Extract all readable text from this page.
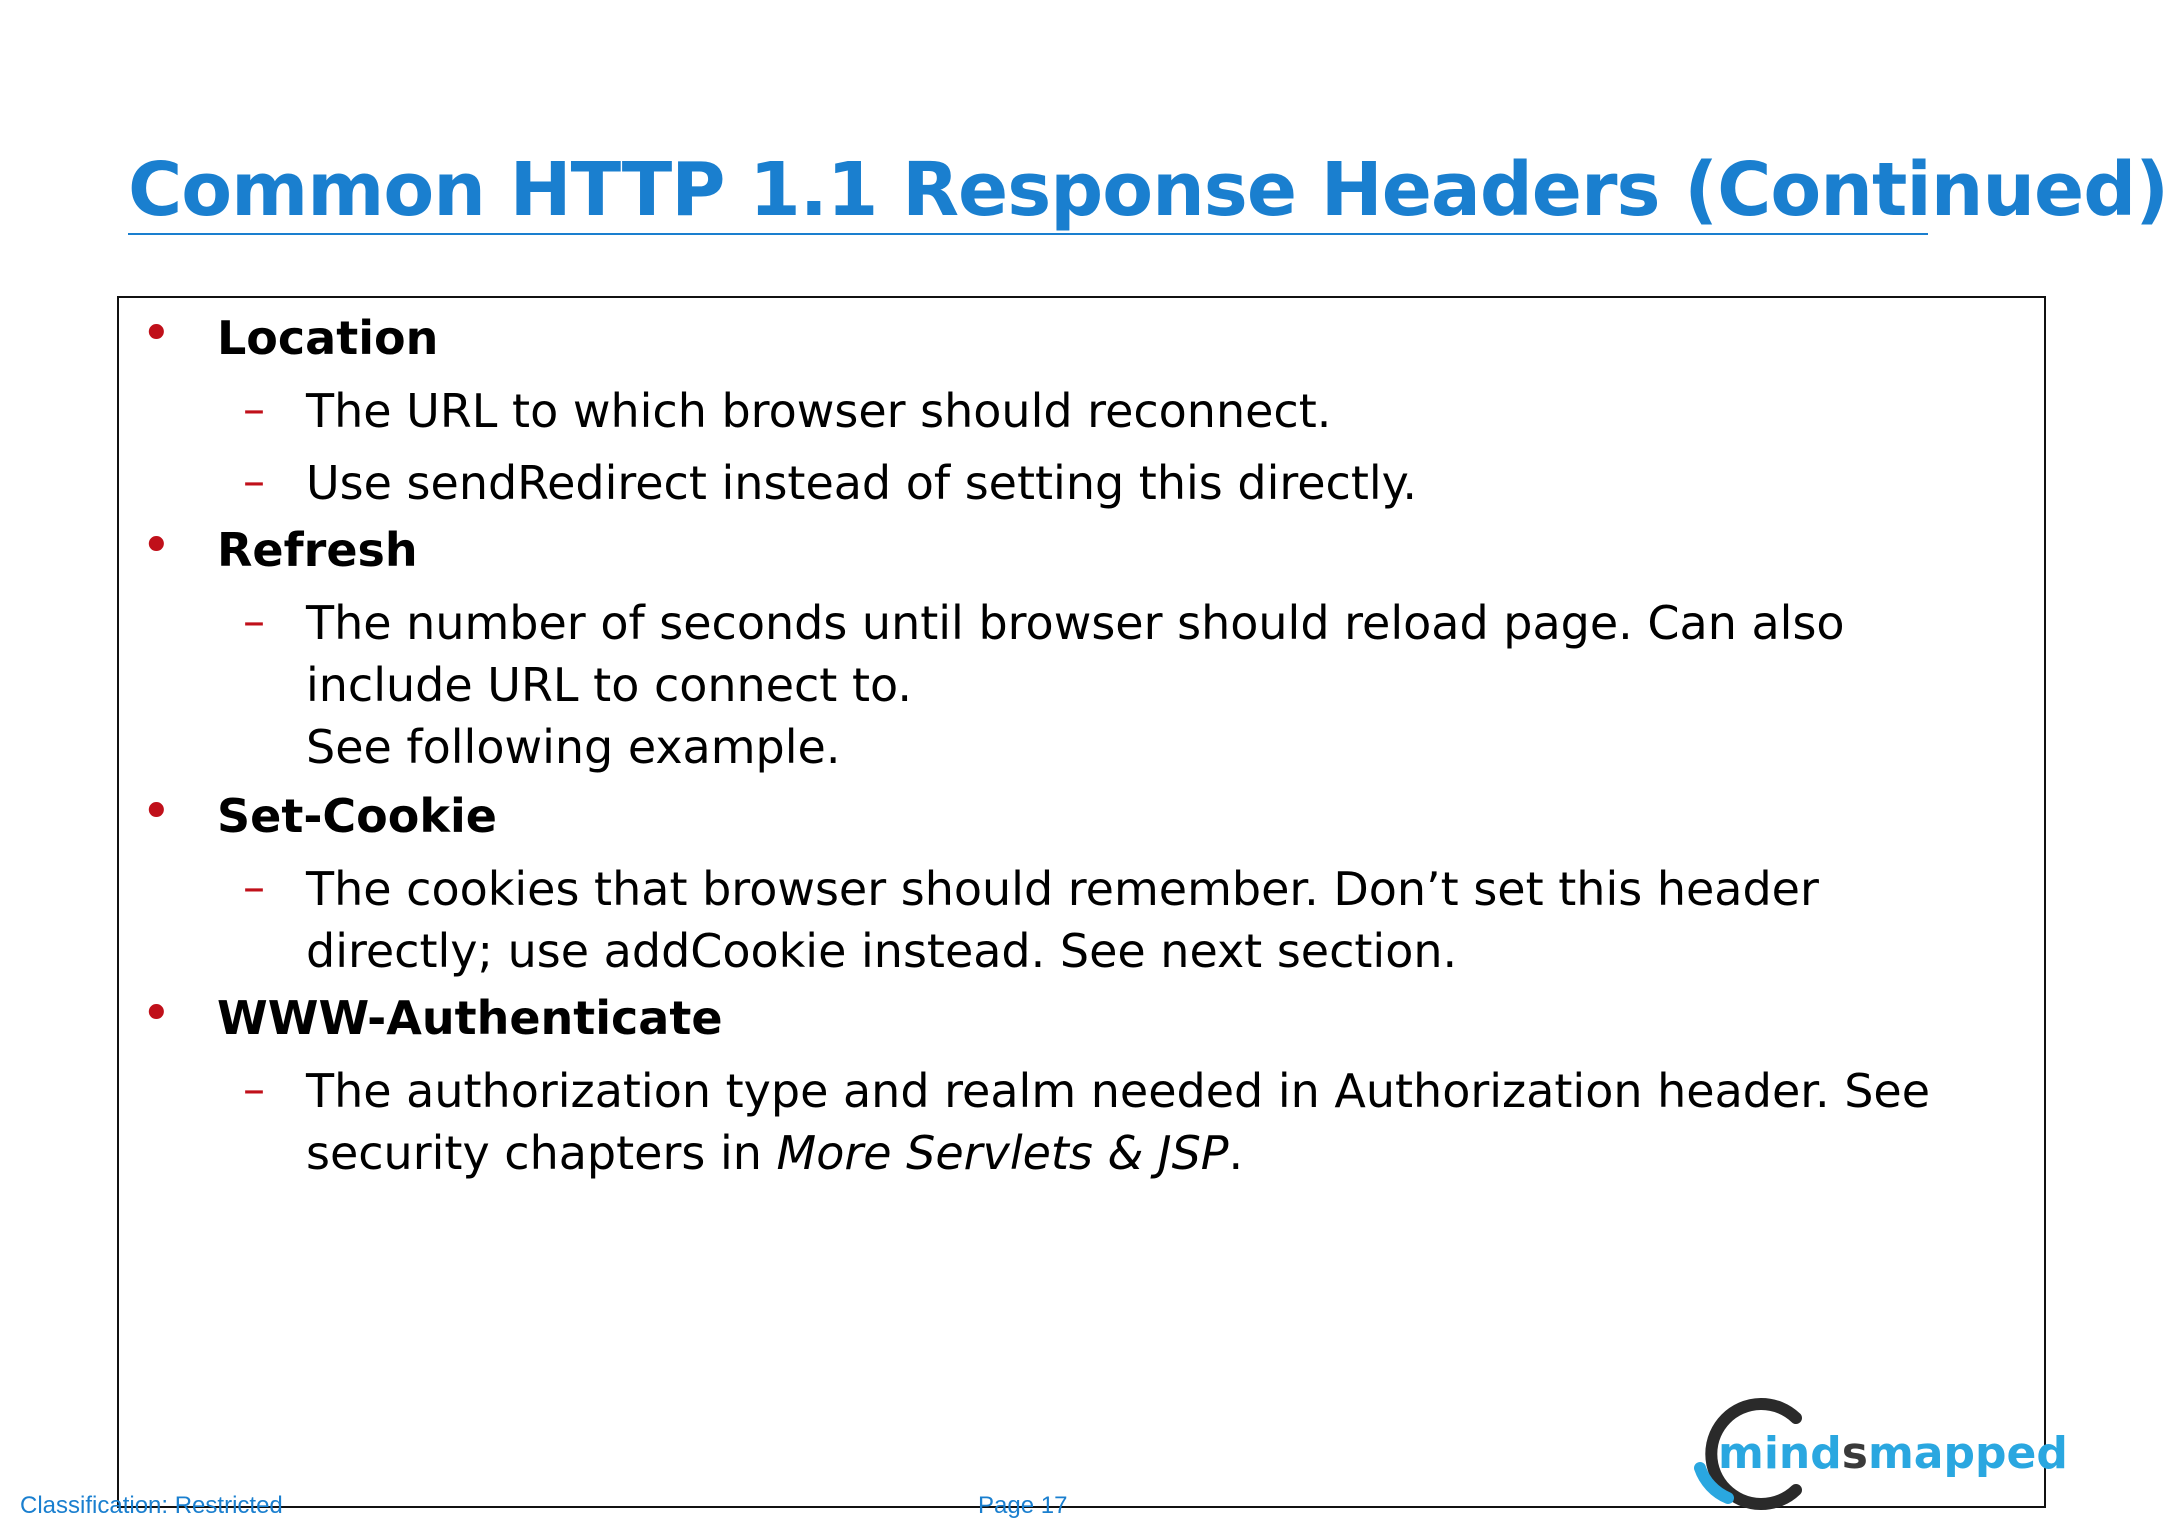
Common HTTP 1.1 Response Headers (Continued)
• Location
– The URL to which browser should reconnect.
– Use sendRedirect instead of setting this directly.
• Refresh
– The number of seconds until browser should reload page. Can also
include URL to connect to.
See following example.
• Set-Cookie
– The cookies that browser should remember. Don’t set this header
directly; use addCookie instead. See next section.
• WWW-Authenticate
– The authorization type and realm needed in Authorization header. See
security chapters in More Servlets & JSP.
Classification: Restricted	Page 17
mindsmapped
